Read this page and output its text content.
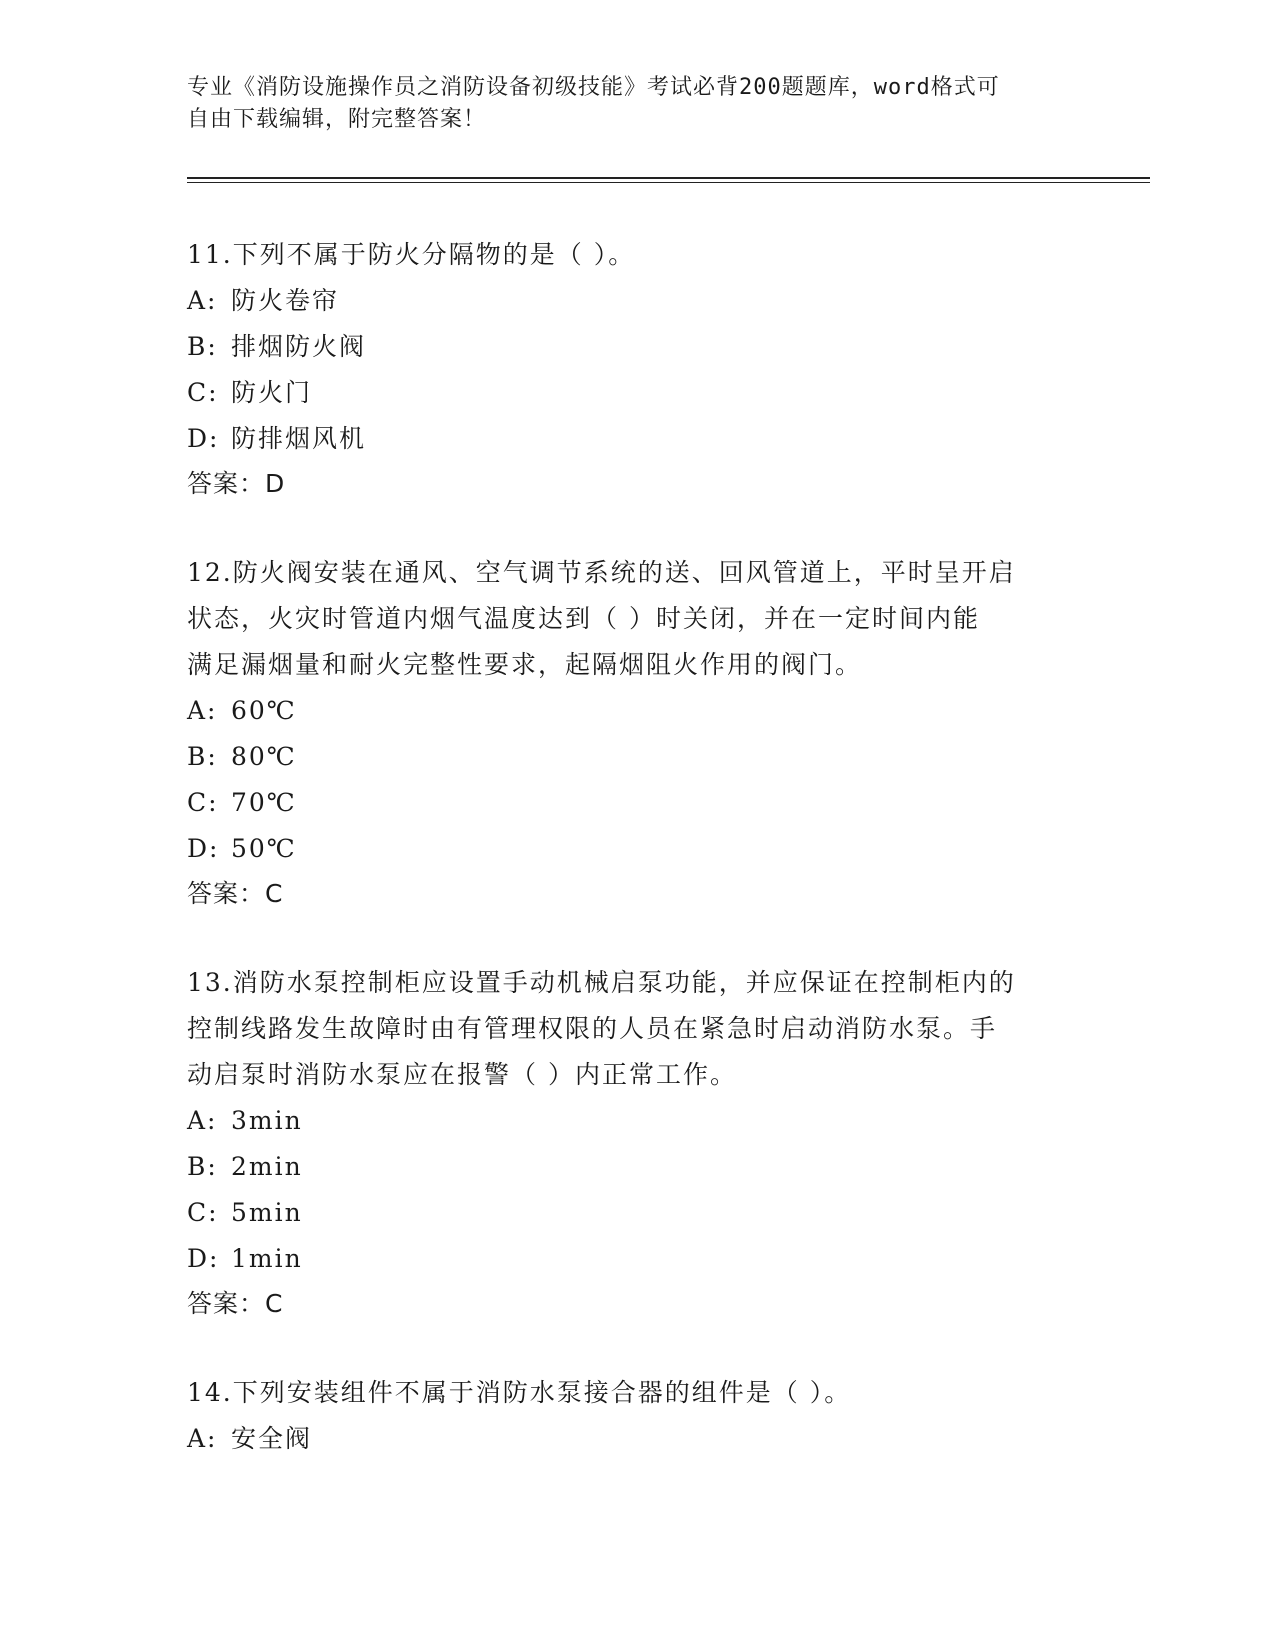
专业《消防设施操作员之消防设备初级技能》考试必背200题题库，word格式可
自由下载编辑，附完整答案！
11.下列不属于防火分隔物的是（ ）。
A: 防火卷帘
B: 排烟防火阀
C: 防火门
D: 防排烟风机
答案：D
12.防火阀安装在通风、空气调节系统的送、回风管道上，平时呈开启
状态，火灾时管道内烟气温度达到（ ）时关闭，并在一定时间内能
满足漏烟量和耐火完整性要求，起隔烟阻火作用的阀门。
A: 60℃
B: 80℃
C: 70℃
D: 50℃
答案：C
13.消防水泵控制柜应设置手动机械启泵功能，并应保证在控制柜内的
控制线路发生故障时由有管理权限的人员在紧急时启动消防水泵。手
动启泵时消防水泵应在报警（ ）内正常工作。
A: 3min
B: 2min
C: 5min
D: 1min
答案：C
14.下列安装组件不属于消防水泵接合器的组件是（ ）。
A: 安全阀
